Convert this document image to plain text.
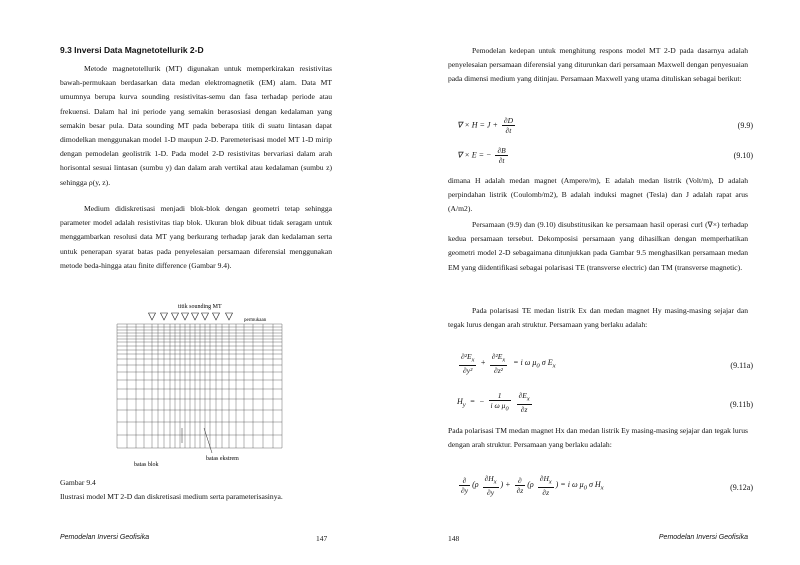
9.3 Inversi Data Magnetotellurik 2-D

Metode magnetotellurik (MT) digunakan untuk memperkirakan resistivitas bawah-permukaan berdasarkan data medan elektromagnetik (EM) alam. Data MT umumnya berupa kurva sounding resistivitas-semu dan fasa terhadap periode atau frekuensi. Dalam hal ini periode yang semakin berasosiasi dengan kedalaman yang semakin besar pula. Data sounding MT pada beberapa titik di suatu lintasan dapat dimodelkan menggunakan model 1-D maupun 2-D. Paremeterisasi model MT 1-D mirip dengan pemodelan geolistrik 1-D. Pada model 2-D resistivitas bervariasi dalam arah horisontal sesuai lintasan (sumbu y) dan dalam arah vertikal atau kedalaman (sumbu z) sehingga ρ(y, z).

Medium didiskretisasi menjadi blok-blok dengan geometri tetap sehingga parameter model adalah resistivitas tiap blok. Ukuran blok dibuat tidak seragam untuk menggambarkan resolusi data MT yang berkurang terhadap jarak dan kedalaman serta untuk penerapan syarat batas pada penyelesaian persamaan diferensial menggunakan metode beda-hingga atau finite difference (Gambar 9.4).

titik sounding MT
permukaan
batas blok
batas ekstrem
Gambar 9.4
Ilustrasi model MT 2-D dan diskretisasi medium serta parameterisasinya.
Pemodelan Inversi Geofisika	147

Pemodelan kedepan untuk menghitung respons model MT 2-D pada dasarnya adalah penyelesaian persamaan diferensial yang diturunkan dari persamaan Maxwell dengan penyesuaian pada dimensi medium yang ditinjau. Persamaan Maxwell yang utama dituliskan sebagai berikut:

∇ × $H = J + \frac{\partial D}{\partial t}$	(9.9)
∇ × E = − $\frac{\partial B}{\partial t}$	(9.10)

dimana H adalah medan magnet (Ampere/m), E adalah medan listrik (Volt/m), D adalah perpindahan listrik (Coulomb/m2), B adalah induksi magnet (Tesla) dan J adalah rapat arus (A/m2).

Persamaan (9.9) dan (9.10) disubstitusikan ke persamaan hasil operasi curl (∇×) terhadap kedua persamaan tersebut. Dekomposisi persamaan yang dihasilkan dengan memperhatikan geometri model 2-D sebagaimana ditunjukkan pada Gambar 9.5 menghasilkan persamaan medan EM yang diidentifikasi sebagai polarisasi TE (transverse electric) dan TM (transverse magnetic).

Pada polarisasi TE medan listrik Ex dan medan magnet Hy masing-masing sejajar dan tegak lurus dengan arah struktur. Persamaan yang berlaku adalah:

$\frac{\partial^2E_x}{\text{∂y²}} + \frac{\partial^2E_x}{\text{∂z²}} = i$ ω $\mu_0$ σ $E_x$	(9.11a)
$H_y$  =  − $\frac{1}{i \omega \mu_0}$
$\frac{\partial E_x}{\partial z}$	(9.11b)

Pada polarisasi TM medan magnet Hx dan medan listrik Ey masing-masing sejajar dan tegak lurus dengan arah struktur. Persamaan yang berlaku adalah:

$\frac{\partial}{\partial y} (\rho \frac{\partial H_x}{\partial y}$ ) + $\frac{\partial}{\partial z} (\rho \frac{\partial H_x}{\partial z}$ ) = i ω $\mu_0$ σ $H_x$	(9.12a)
148	Pemodelan Inversi Geofisika
